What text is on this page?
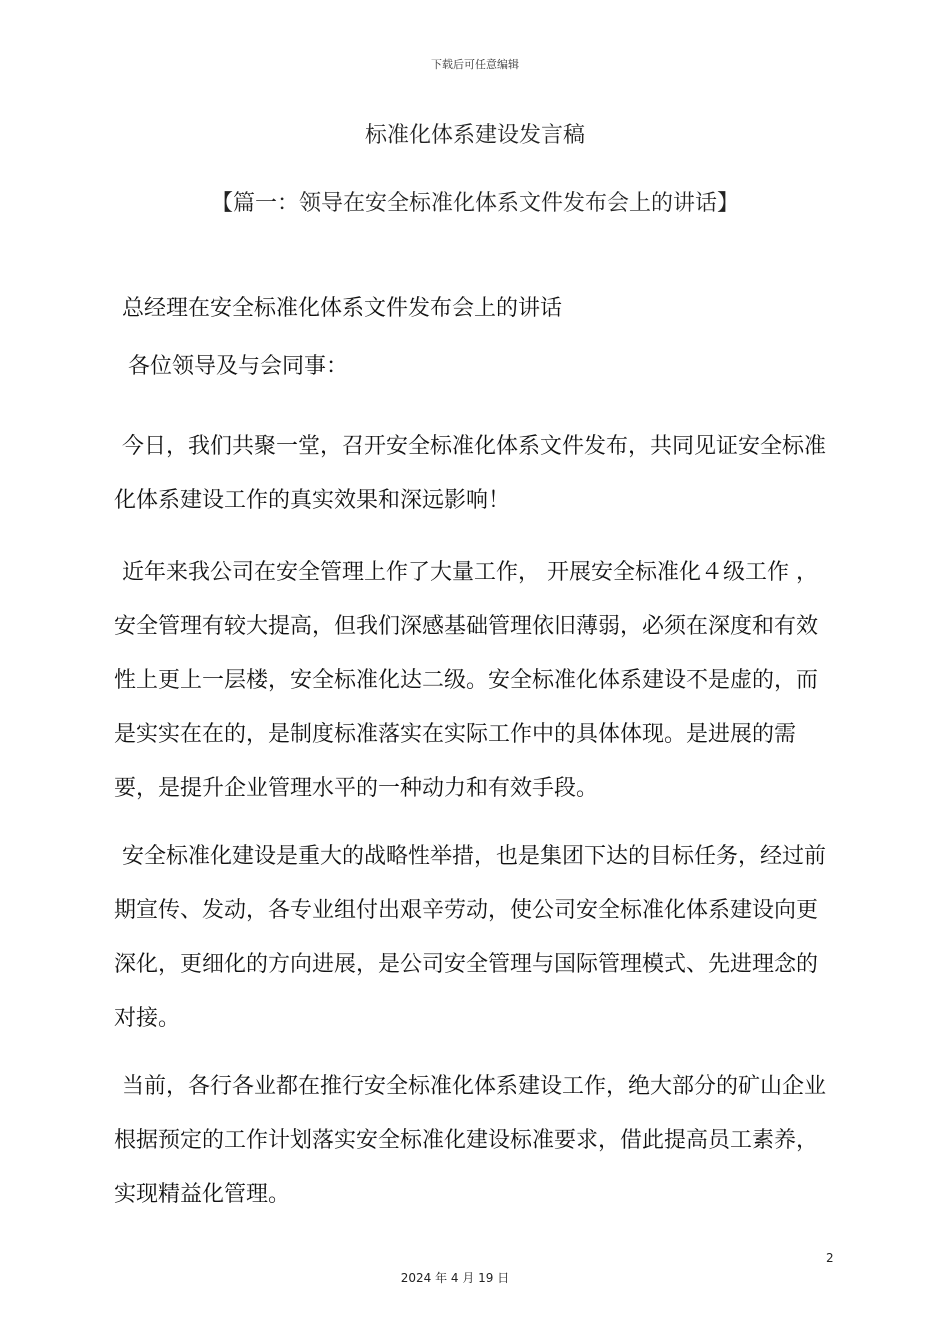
下载后可任意编辑
标准化体系建设发言稿
【篇一：领导在安全标准化体系文件发布会上的讲话】

总经理在安全标准化体系文件发布会上的讲话

各位领导及与会同事：

今日，我们共聚一堂，召开安全标准化体系文件发布，共同见证安全标准化体系建设工作的真实效果和深远影响！

近年来我公司在安全管理上作了大量工作， 开展安全标准化４级工作 ，安全管理有较大提高，但我们深感基础管理依旧薄弱，必须在深度和有效性上更上一层楼，安全标准化达二级。安全标准化体系建设不是虚的，而是实实在在的，是制度标准落实在实际工作中的具体体现。是进展的需要，是提升企业管理水平的一种动力和有效手段。

安全标准化建设是重大的战略性举措，也是集团下达的目标任务，经过前期宣传、发动，各专业组付出艰辛劳动，使公司安全标准化体系建设向更深化，更细化的方向进展，是公司安全管理与国际管理模式、先进理念的对接。

当前，各行各业都在推行安全标准化体系建设工作，绝大部分的矿山企业根据预定的工作计划落实安全标准化建设标准要求，借此提高员工素养，实现精益化管理。

2
2024 年 4 月 19 日
